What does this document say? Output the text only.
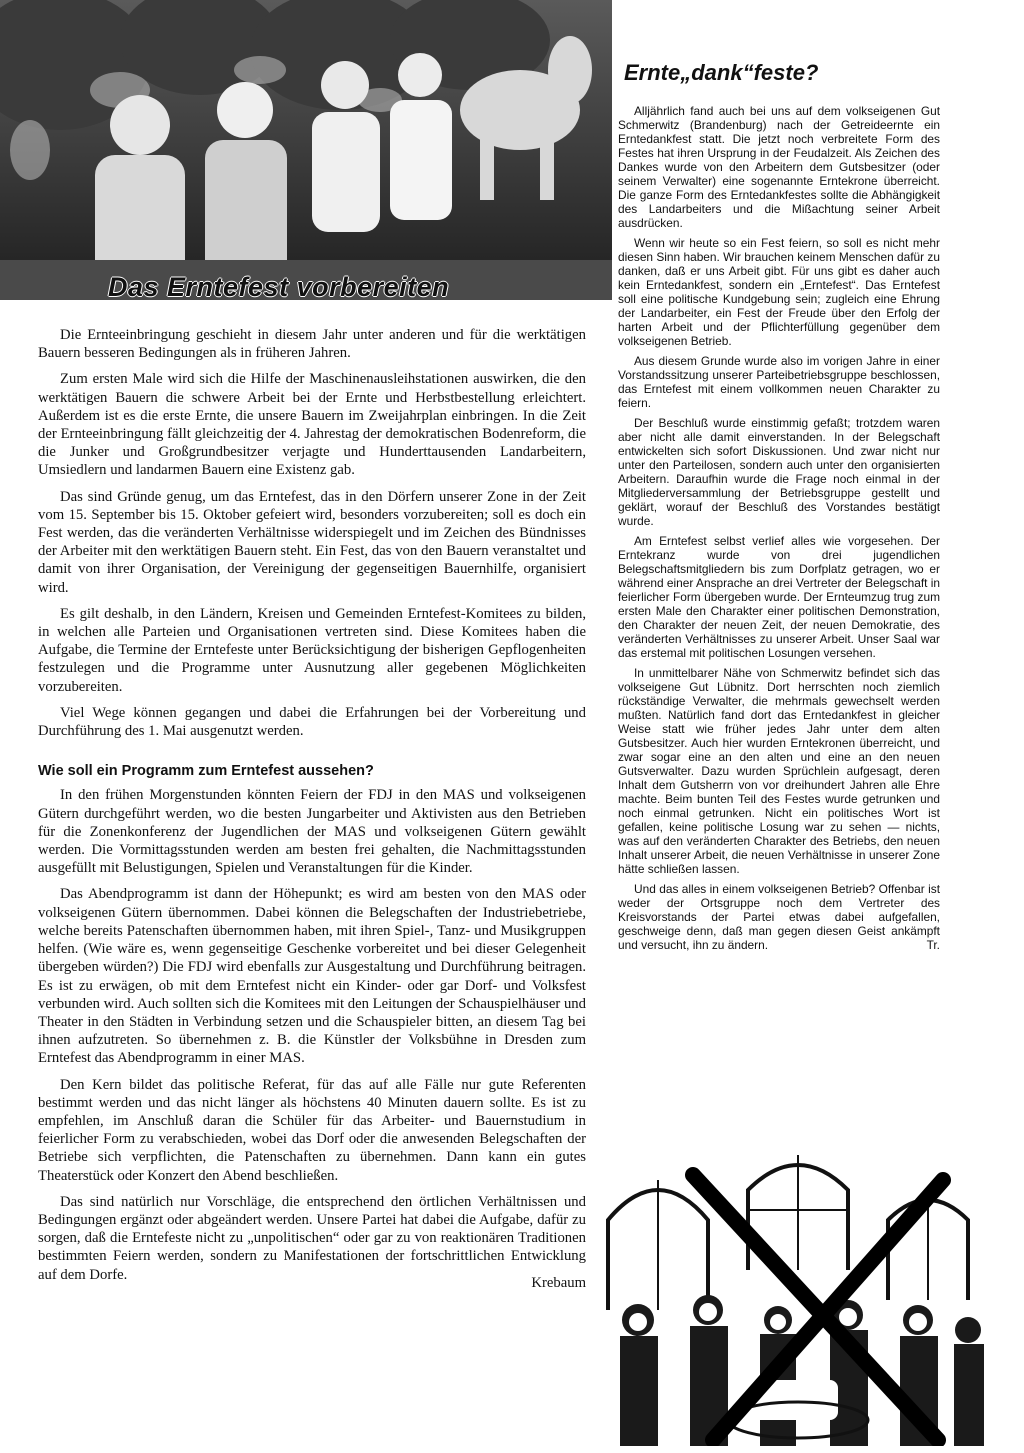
Das Erntefest vorbereiten

Die Ernteeinbringung geschieht in diesem Jahr unter anderen und für die werktätigen Bauern besseren Bedingungen als in früheren Jahren.

Zum ersten Male wird sich die Hilfe der Maschinenausleihstationen auswirken, die den werktätigen Bauern die schwere Arbeit bei der Ernte und Herbstbestellung erleichtert. Außerdem ist es die erste Ernte, die unsere Bauern im Zweijahrplan einbringen. In die Zeit der Ernteeinbringung fällt gleichzeitig der 4. Jahrestag der demokratischen Bodenreform, die die Junker und Großgrundbesitzer verjagte und Hunderttausenden Landarbeitern, Umsiedlern und landarmen Bauern eine Existenz gab.

Das sind Gründe genug, um das Erntefest, das in den Dörfern unserer Zone in der Zeit vom 15. September bis 15. Oktober gefeiert wird, besonders vorzubereiten; soll es doch ein Fest werden, das die veränderten Verhältnisse widerspiegelt und im Zeichen des Bündnisses der Arbeiter mit den werktätigen Bauern steht. Ein Fest, das von den Bauern veranstaltet und damit von ihrer Organisation, der Vereinigung der gegenseitigen Bauernhilfe, organisiert wird.

Es gilt deshalb, in den Ländern, Kreisen und Gemeinden Erntefest-Komitees zu bilden, in welchen alle Parteien und Organisationen vertreten sind. Diese Komitees haben die Aufgabe, die Termine der Erntefeste unter Berücksichtigung der bisherigen Gepflogenheiten festzulegen und die Programme unter Ausnutzung aller gegebenen Möglichkeiten vorzubereiten.

Viel Wege können gegangen und dabei die Erfahrungen bei der Vorbereitung und Durchführung des 1. Mai ausgenutzt werden.

Wie soll ein Programm zum Erntefest aussehen?

In den frühen Morgenstunden könnten Feiern der FDJ in den MAS und volkseigenen Gütern durchgeführt werden, wo die besten Jungarbeiter und Aktivisten aus den Betrieben für die Zonenkonferenz der Jugendlichen der MAS und volkseigenen Gütern gewählt werden. Die Vormittagsstunden werden am besten frei gehalten, die Nachmittagsstunden ausgefüllt mit Belustigungen, Spielen und Veranstaltungen für die Kinder.

Das Abendprogramm ist dann der Höhepunkt; es wird am besten von den MAS oder volkseigenen Gütern übernommen. Dabei können die Belegschaften der Industriebetriebe, welche bereits Patenschaften übernommen haben, mit ihren Spiel-, Tanz- und Musikgruppen helfen. (Wie wäre es, wenn gegenseitige Geschenke vorbereitet und bei dieser Gelegenheit übergeben würden?) Die FDJ wird ebenfalls zur Ausgestaltung und Durchführung beitragen. Es ist zu erwägen, ob mit dem Erntefest nicht ein Kinder- oder gar Dorf- und Volksfest verbunden wird. Auch sollten sich die Komitees mit den Leitungen der Schauspielhäuser und Theater in den Städten in Verbindung setzen und die Schauspieler bitten, an diesem Tag bei ihnen aufzutreten. So übernehmen z. B. die Künstler der Volksbühne in Dresden zum Erntefest das Abendprogramm in einer MAS.

Den Kern bildet das politische Referat, für das auf alle Fälle nur gute Referenten bestimmt werden und das nicht länger als höchstens 40 Minuten dauern sollte. Es ist zu empfehlen, im Anschluß daran die Schüler für das Arbeiter- und Bauernstudium in feierlicher Form zu verabschieden, wobei das Dorf oder die anwesenden Belegschaften der Betriebe sich verpflichten, die Patenschaften zu übernehmen. Dann kann ein gutes Theaterstück oder Konzert den Abend beschließen.

Das sind natürlich nur Vorschläge, die entsprechend den örtlichen Verhältnissen und Bedingungen ergänzt oder abgeändert werden. Unsere Partei hat dabei die Aufgabe, dafür zu sorgen, daß die Erntefeste nicht zu „unpolitischen“ oder gar zu von reaktionären Traditionen bestimmten Feiern werden, sondern zu Manifestationen der fortschrittlichen Entwicklung auf dem Dorfe.

Krebaum
Ernte„dank“feste?

Alljährlich fand auch bei uns auf dem volkseigenen Gut Schmerwitz (Brandenburg) nach der Getreideernte ein Erntedankfest statt. Die jetzt noch verbreitete Form des Festes hat ihren Ursprung in der Feudalzeit. Als Zeichen des Dankes wurde von den Arbeitern dem Gutsbesitzer (oder seinem Verwalter) eine sogenannte Erntekrone überreicht. Die ganze Form des Erntedankfestes sollte die Abhängigkeit des Landarbeiters und die Mißachtung seiner Arbeit ausdrücken.

Wenn wir heute so ein Fest feiern, so soll es nicht mehr diesen Sinn haben. Wir brauchen keinem Menschen dafür zu danken, daß er uns Arbeit gibt. Für uns gibt es daher auch kein Erntedankfest, sondern ein „Erntefest“. Das Erntefest soll eine politische Kundgebung sein; zugleich eine Ehrung der Landarbeiter, ein Fest der Freude über den Erfolg der harten Arbeit und der Pflichterfüllung gegenüber dem volkseigenen Betrieb.

Aus diesem Grunde wurde also im vorigen Jahre in einer Vorstandssitzung unserer Parteibetriebsgruppe beschlossen, das Erntefest mit einem vollkommen neuen Charakter zu feiern.

Der Beschluß wurde einstimmig gefaßt; trotzdem waren aber nicht alle damit einverstanden. In der Belegschaft entwickelten sich sofort Diskussionen. Und zwar nicht nur unter den Parteilosen, sondern auch unter den organisierten Arbeitern. Daraufhin wurde die Frage noch einmal in der Mitgliederversammlung der Betriebsgruppe gestellt und geklärt, worauf der Beschluß des Vorstandes bestätigt wurde.

Am Erntefest selbst verlief alles wie vorgesehen. Der Erntekranz wurde von drei jugendlichen Belegschaftsmitgliedern bis zum Dorfplatz getragen, wo er während einer Ansprache an drei Vertreter der Belegschaft in feierlicher Form übergeben wurde. Der Ernteumzug trug zum ersten Male den Charakter einer politischen Demonstration, den Charakter der neuen Zeit, der neuen Demokratie, des veränderten Verhältnisses zu unserer Arbeit. Unser Saal war das erstemal mit politischen Losungen versehen.

In unmittelbarer Nähe von Schmerwitz befindet sich das volkseigene Gut Lübnitz. Dort herrschten noch ziemlich rückständige Verwalter, die mehrmals gewechselt werden mußten. Natürlich fand dort das Erntedankfest in gleicher Weise statt wie früher jedes Jahr unter dem alten Gutsbesitzer. Auch hier wurden Erntekronen überreicht, und zwar sogar eine an den alten und eine an den neuen Gutsverwalter. Dazu wurden Sprüchlein aufgesagt, deren Inhalt dem Gutsherrn von vor dreihundert Jahren alle Ehre machte. Beim bunten Teil des Festes wurde getrunken und noch einmal getrunken. Nicht ein politisches Wort ist gefallen, keine politische Losung war zu sehen — nichts, was auf den veränderten Charakter des Betriebs, den neuen Inhalt unserer Arbeit, die neuen Verhältnisse in unserer Zone hätte schließen lassen.

Und das alles in einem volkseigenen Betrieb? Offenbar ist weder der Ortsgruppe noch dem Vertreter des Kreisvorstands der Partei etwas dabei aufgefallen, geschweige denn, daß man gegen diesen Geist ankämpft und versucht, ihn zu ändern.	Tr.
